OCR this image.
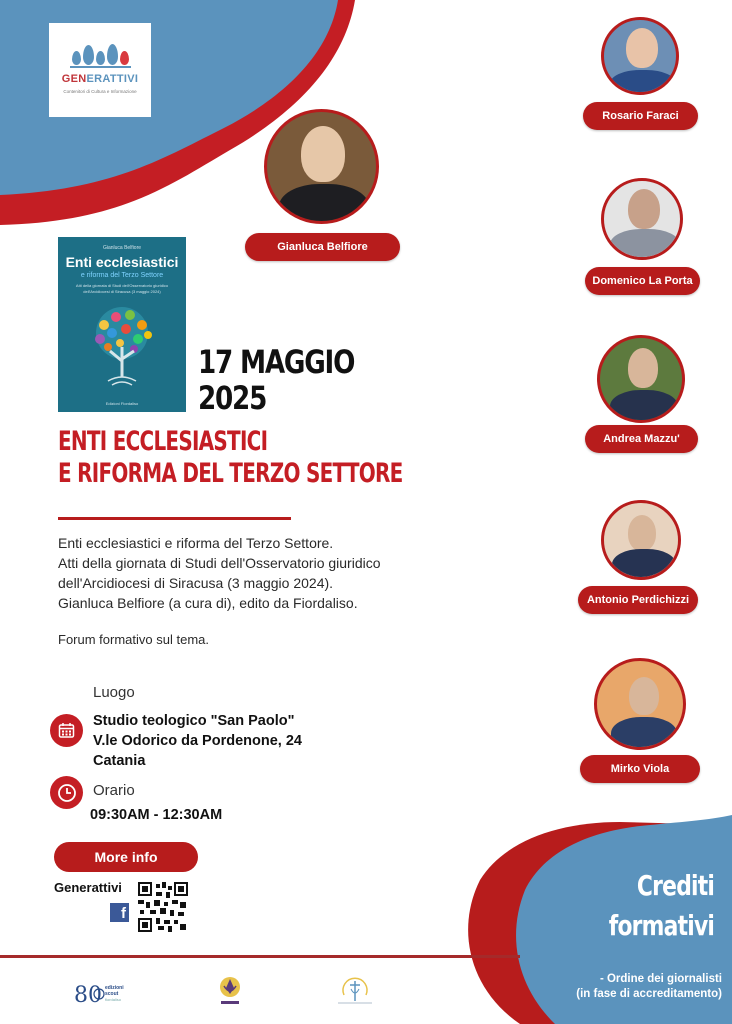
GENERATTIVI
Contenitori di Cultura e Informazione
Gianluca Belfiore
Rosario Faraci
Domenico La Porta
Andrea Mazzu'
Antonio Perdichizzi
Mirko Viola
Gianluca Belfiore
Enti ecclesiastici
e riforma del Terzo Settore
Atti della giornata di Studi dell'Osservatorio giuridico dell'Arcidiocesi di Siracusa (3 maggio 2024)
Edizioni Fiordaliso
17 MAGGIO
2025
ENTI ECCLESIASTICI
E RIFORMA DEL TERZO SETTORE

Enti ecclesiastici e riforma del Terzo Settore.

Atti della giornata di Studi dell'Osservatorio giuridico

dell'Arcidiocesi di Siracusa (3 maggio 2024).

Gianluca Belfiore (a cura di), edito da Fiordaliso.

Forum formativo sul tema.
Luogo
Studio teologico "San Paolo"
V.le Odorico da Pordenone, 24
Catania
Orario
09:30AM - 12:30AM
More info
Generattivi
f
80 edizioni
scout
fiordaliso
Crediti
formativi
- Ordine dei giornalisti
(in fase di accreditamento)
